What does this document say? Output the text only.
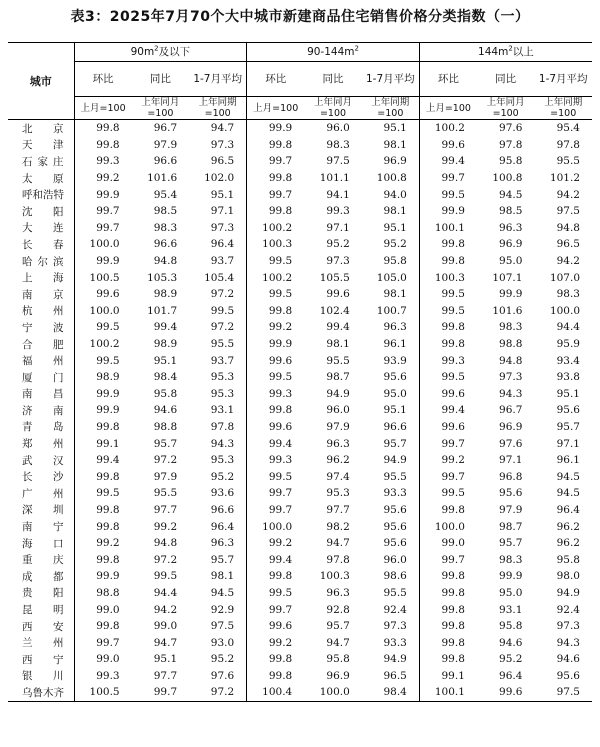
表3：2025年7月70个大中城市新建商品住宅销售价格分类指数（一）
城市	$90m^2$及以下			$90-144m^2$			$144m^2$以上		
	环比	同比	1-7月平均	环比	同比	1-7月平均	环比	同比	1-7月平均
	上月=100	上年同月=100	上年同期=100	上月=100	上年同月=100	上年同期=100	上月=100	上年同月=100	上年同期=100
北京	99.8	96.7	94.7	99.9	96.0	95.1	100.2	97.6	95.4
天津	99.8	97.9	97.3	99.8	98.3	98.1	99.6	97.8	97.8
石家庄	99.3	96.6	96.5	99.7	97.5	96.9	99.4	95.8	95.5
太原	99.2	101.6	102.0	99.8	101.1	100.8	99.7	100.8	101.2
呼和浩特	99.9	95.4	95.1	99.7	94.1	94.0	99.5	94.5	94.2
沈阳	99.7	98.5	97.1	99.8	99.3	98.1	99.9	98.5	97.5
大连	99.7	98.3	97.3	100.2	97.1	95.1	100.1	96.3	94.8
长春	100.0	96.6	96.4	100.3	95.2	95.2	99.8	96.9	96.5
哈尔滨	99.9	94.8	93.7	99.5	97.3	95.8	99.8	95.0	94.2
上海	100.5	105.3	105.4	100.2	105.5	105.0	100.3	107.1	107.0
南京	99.6	98.9	97.2	99.5	99.6	98.1	99.5	99.9	98.3
杭州	100.0	101.7	99.5	99.8	102.4	100.7	99.5	101.6	100.0
宁波	99.5	99.4	97.2	99.2	99.4	96.3	99.8	98.3	94.4
合肥	100.2	98.9	95.5	99.9	98.1	96.1	99.8	98.8	95.9
福州	99.5	95.1	93.7	99.6	95.5	93.9	99.3	94.8	93.4
厦门	98.9	98.4	95.3	99.5	98.7	95.6	99.5	97.3	93.8
南昌	99.9	95.8	95.3	99.3	94.9	95.0	99.6	94.3	95.1
济南	99.9	94.6	93.1	99.8	96.0	95.1	99.4	96.7	95.6
青岛	99.8	98.8	97.8	99.6	97.9	96.6	99.6	96.9	95.7
郑州	99.1	95.7	94.3	99.4	96.3	95.7	99.7	97.6	97.1
武汉	99.4	97.2	95.3	99.3	96.2	94.9	99.2	97.1	96.1
长沙	99.8	97.9	95.2	99.5	97.4	95.5	99.7	96.8	94.5
广州	99.5	95.5	93.6	99.7	95.3	93.3	99.5	95.6	94.5
深圳	99.8	97.7	96.6	99.7	97.7	95.6	99.8	97.9	96.4
南宁	99.8	99.2	96.4	100.0	98.2	95.6	100.0	98.7	96.2
海口	99.2	94.8	96.3	99.2	94.7	95.6	99.0	95.7	96.2
重庆	99.8	97.2	95.7	99.4	97.8	96.0	99.7	98.3	95.8
成都	99.9	99.5	98.1	99.8	100.3	98.6	99.8	99.9	98.0
贵阳	98.8	94.4	94.5	99.5	96.3	95.5	99.8	95.0	94.9
昆明	99.0	94.2	92.9	99.7	92.8	92.4	99.8	93.1	92.4
西安	99.8	99.0	97.5	99.6	95.7	97.3	99.8	95.8	97.3
兰州	99.7	94.7	93.0	99.2	94.7	93.3	99.8	94.6	94.3
西宁	99.0	95.1	95.2	99.8	95.8	94.9	99.8	95.2	94.6
银川	99.3	97.7	97.6	99.8	96.9	96.5	99.1	96.4	95.6
乌鲁木齐	100.5	99.7	97.2	100.4	100.0	98.4	100.1	99.6	97.5
